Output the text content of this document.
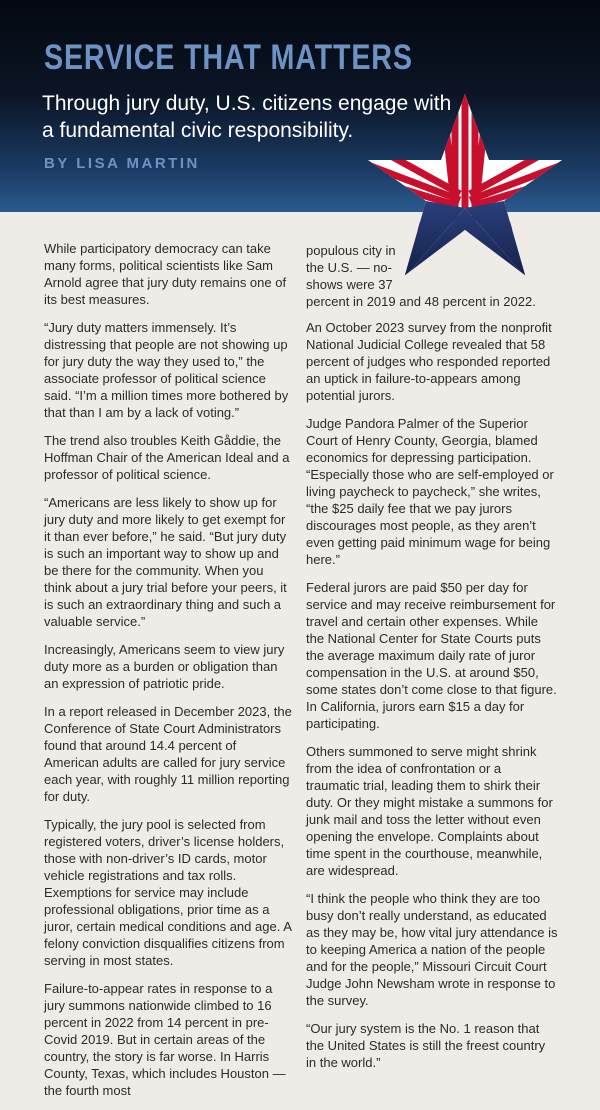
SERVICE THAT MATTERS
Through jury duty, U.S. citizens engage with a fundamental civic responsibility.
BY LISA MARTIN

While participatory democracy can take many forms, political scientists like Sam Arnold agree that jury duty remains one of its best measures.

“Jury duty matters immensely. It’s distressing that people are not showing up for jury duty the way they used to,” the associate professor of political science said. “I’m a million times more bothered by that than I am by a lack of voting.”

The trend also troubles Keith Gåddie, the Hoffman Chair of the American Ideal and a professor of political science.

“Americans are less likely to show up for jury duty and more likely to get exempt for it than ever before,” he said. “But jury duty is such an important way to show up and be there for the community. When you think about a jury trial before your peers, it is such an extraordinary thing and such a valuable service.”

Increasingly, Americans seem to view jury duty more as a burden or obligation than an expression of patriotic pride.

In a report released in December 2023, the Conference of State Court Administrators found that around 14.4 percent of American adults are called for jury service each year, with roughly 11 million reporting for duty.

Typically, the jury pool is selected from registered voters, driver’s license holders, those with non-driver’s ID cards, motor vehicle registrations and tax rolls. Exemptions for service may include professional obligations, prior time as a juror, certain medical conditions and age. A felony conviction disqualifies citizens from serving in most states.

Failure-to-appear rates in response to a jury summons nationwide climbed to 16 percent in 2022 from 14 percent in pre-Covid 2019. But in certain areas of the country, the story is far worse. In Harris County, Texas, which includes Houston — the fourth most

populous city in
the U.S. — no-
shows were 37
percent in 2019 and 48 percent in 2022.

An October 2023 survey from the nonprofit National Judicial College revealed that 58 percent of judges who responded reported an uptick in failure-to-appears among potential jurors.

Judge Pandora Palmer of the Superior Court of Henry County, Georgia, blamed economics for depressing participation. “Especially those who are self-employed or living paycheck to paycheck,” she writes, “the $25 daily fee that we pay jurors discourages most people, as they aren’t even getting paid minimum wage for being here.”

Federal jurors are paid $50 per day for service and may receive reimbursement for travel and certain other expenses. While the National Center for State Courts puts the average maximum daily rate of juror compensation in the U.S. at around $50, some states don’t come close to that figure. In California, jurors earn $15 a day for participating.

Others summoned to serve might shrink from the idea of confrontation or a traumatic trial, leading them to shirk their duty. Or they might mistake a summons for junk mail and toss the letter without even opening the envelope. Complaints about time spent in the courthouse, meanwhile, are widespread.

“I think the people who think they are too busy don’t really understand, as educated as they may be, how vital jury attendance is to keeping America a nation of the people and for the people,” Missouri Circuit Court Judge John Newsham wrote in response to the survey.

“Our jury system is the No. 1 reason that the United States is still the freest country in the world.”
